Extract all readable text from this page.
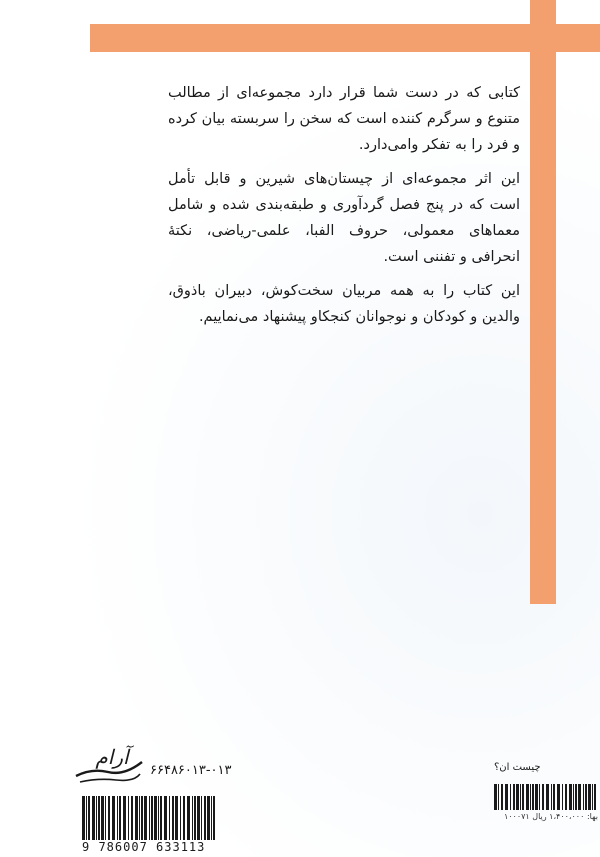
کتابی که در دست شما قرار دارد مجموعه‌ای از مطالب متنوع و سرگرم کننده است که سخن را سربسته بیان کرده و فرد را به تفکر وامی‌دارد.

این اثر مجموعه‌ای از چیستان‌های شیرین و قابل تأمل است که در پنج فصل گردآوری و طبقه‌بندی شده و شامل معماهای معمولی، حروف الفبا، علمی-ریاضی، نکتهٔ انحرافی و تفننی است.

این کتاب را به همه مربیان سخت‌کوش، دبیران باذوق، والدین و کودکان و نوجوانان کنجکاو پیشنهاد می‌نماییم.

آرام
۶۶۴۸۶۰۱۳-۰۱۳
9 786007 633113
چیست ان؟
بها: ۱،۴۰۰،۰۰۰ ریال ۱۰۰۰۷۱
